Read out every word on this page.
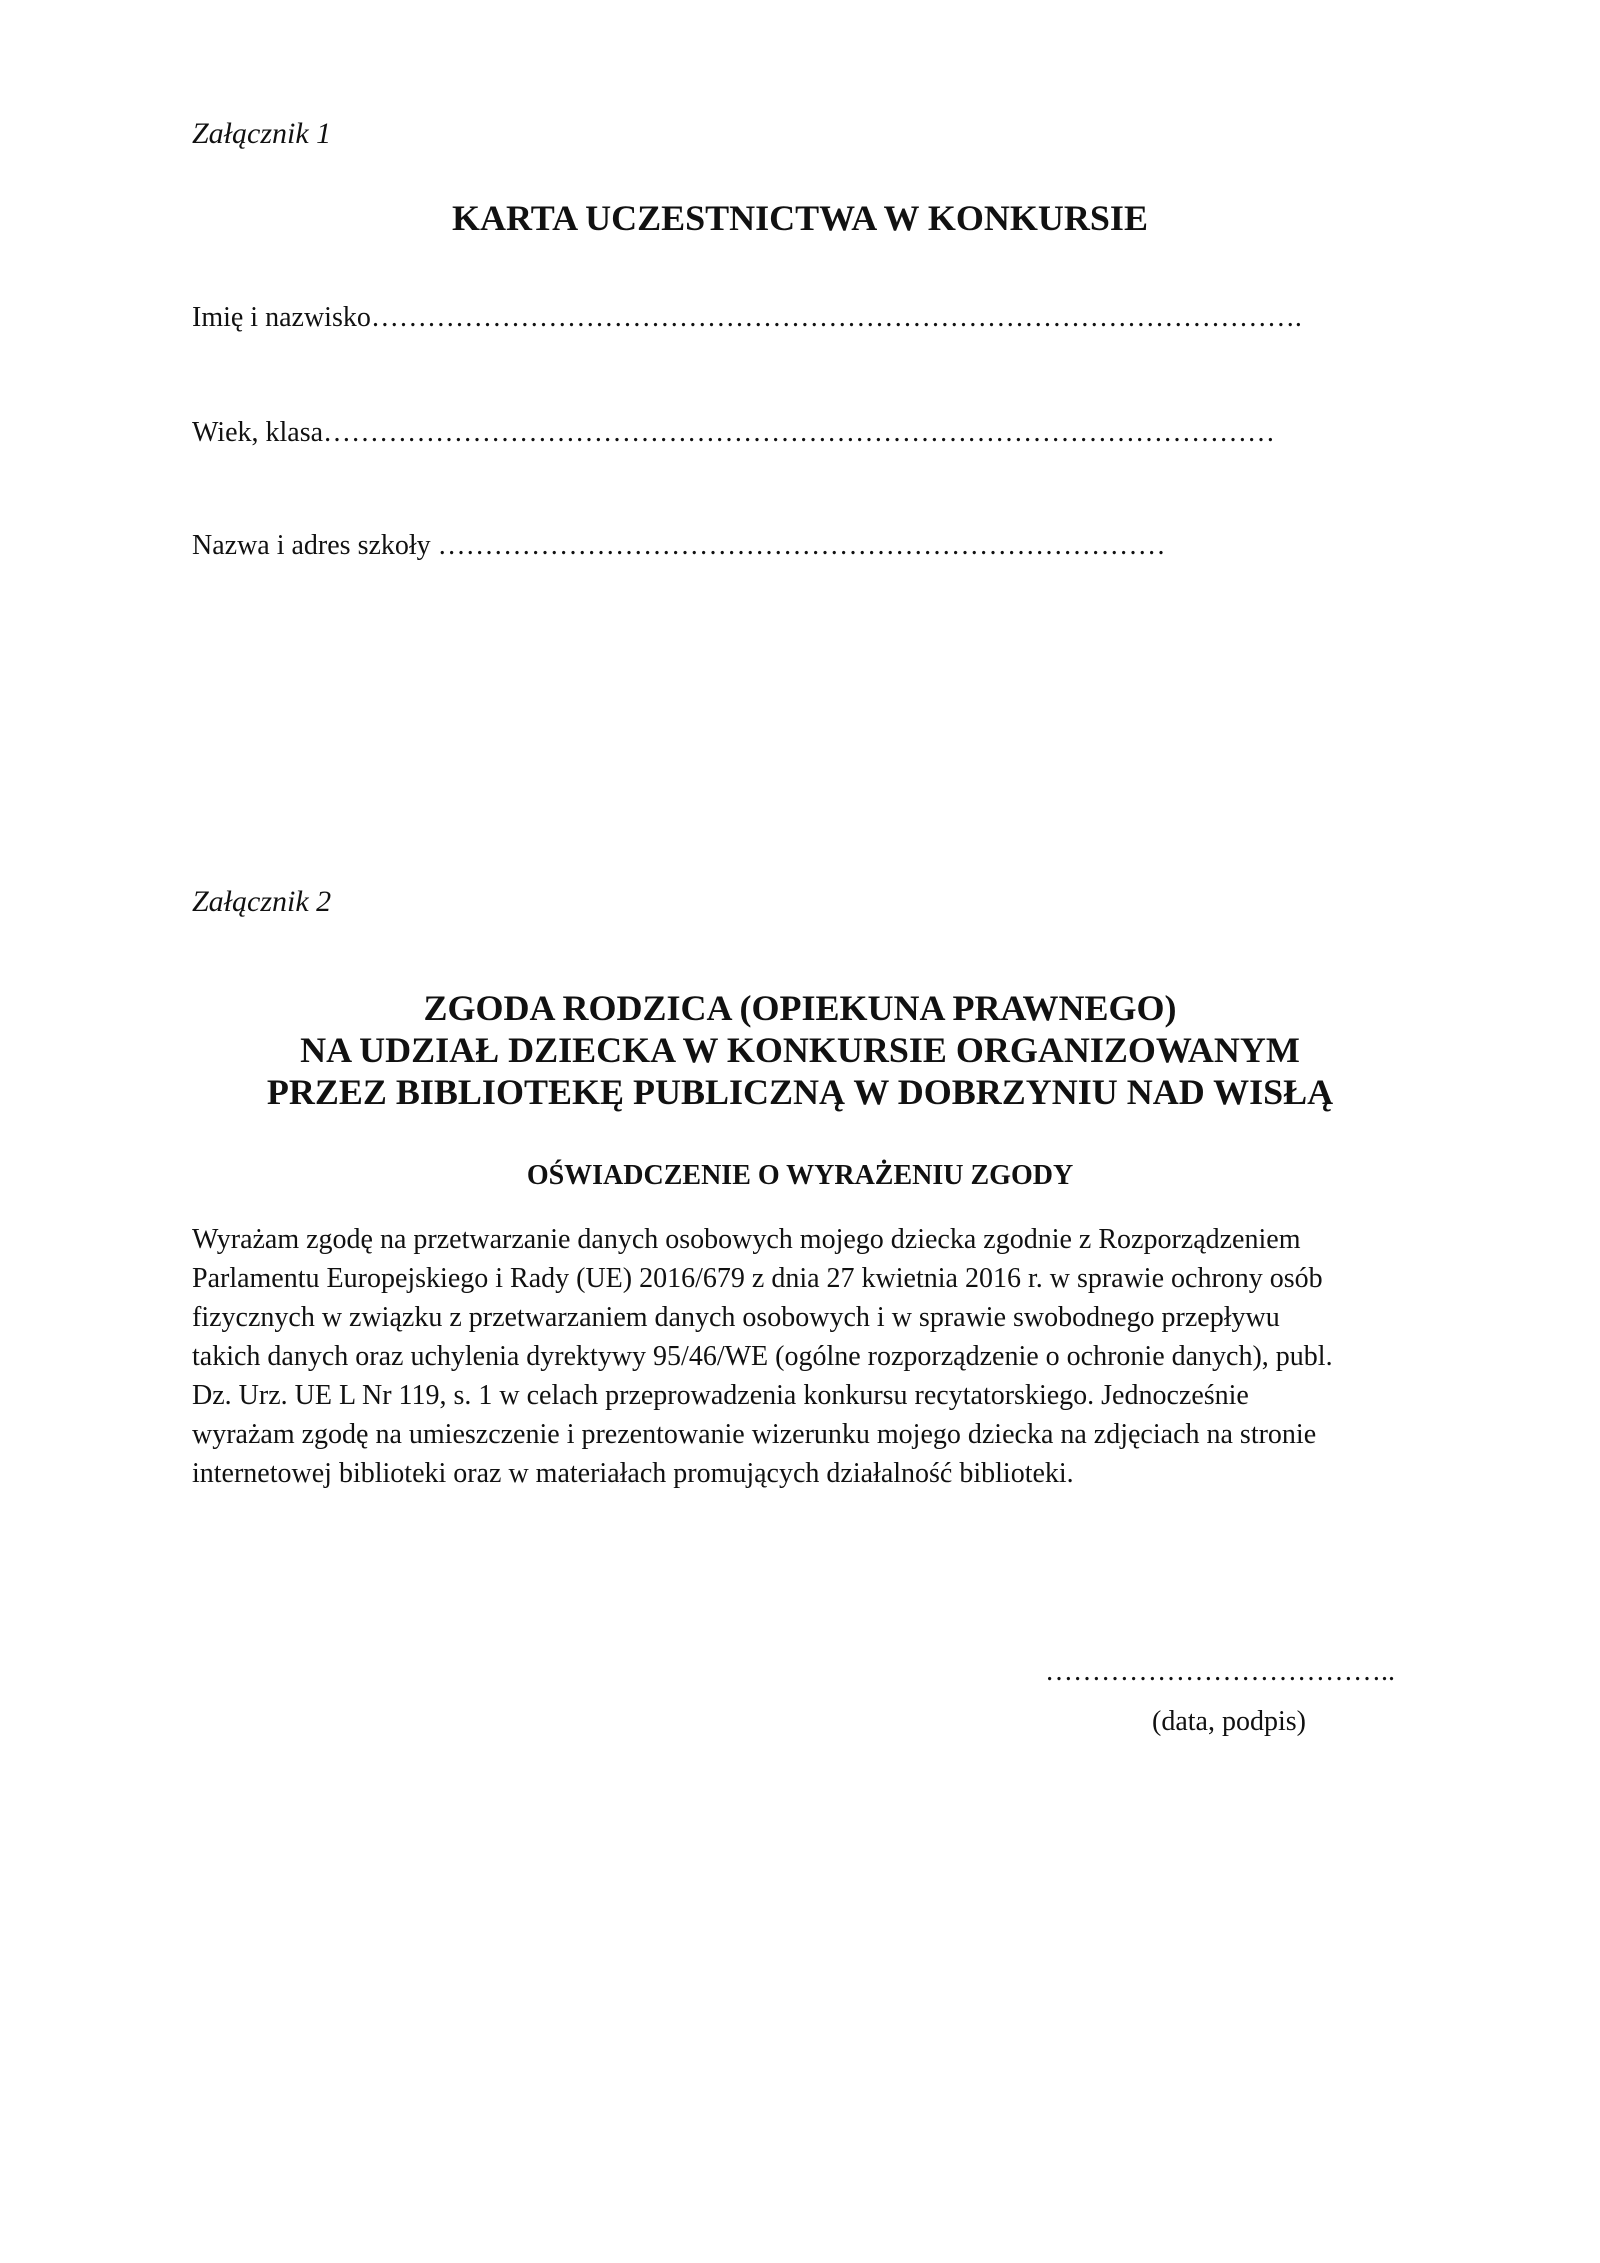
Załącznik 1
KARTA UCZESTNICTWA W KONKURSIE
Imię i nazwisko……………………………………………………………………………………….
Wiek, klasa…………………………………………………………………………………………
Nazwa i adres szkoły ……………………………………………………………………
Załącznik 2
ZGODA RODZICA (OPIEKUNA PRAWNEGO)
NA UDZIAŁ DZIECKA W KONKURSIE ORGANIZOWANYM
PRZEZ BIBLIOTEKĘ PUBLICZNĄ W DOBRZYNIU NAD WISŁĄ
OŚWIADCZENIE O WYRAŻENIU ZGODY
Wyrażam zgodę na przetwarzanie danych osobowych mojego dziecka zgodnie z Rozporządzeniem
Parlamentu Europejskiego i Rady (UE) 2016/679 z dnia 27 kwietnia 2016 r. w sprawie ochrony osób
fizycznych w związku z przetwarzaniem danych osobowych i w sprawie swobodnego przepływu
takich danych oraz uchylenia dyrektywy 95/46/WE (ogólne rozporządzenie o ochronie danych), publ.
Dz. Urz. UE L Nr 119, s. 1 w celach przeprowadzenia konkursu recytatorskiego. Jednocześnie
wyrażam zgodę na umieszczenie i prezentowanie wizerunku mojego dziecka na zdjęciach na stronie
internetowej biblioteki oraz w materiałach promujących działalność biblioteki.
………………………………..
(data, podpis)
